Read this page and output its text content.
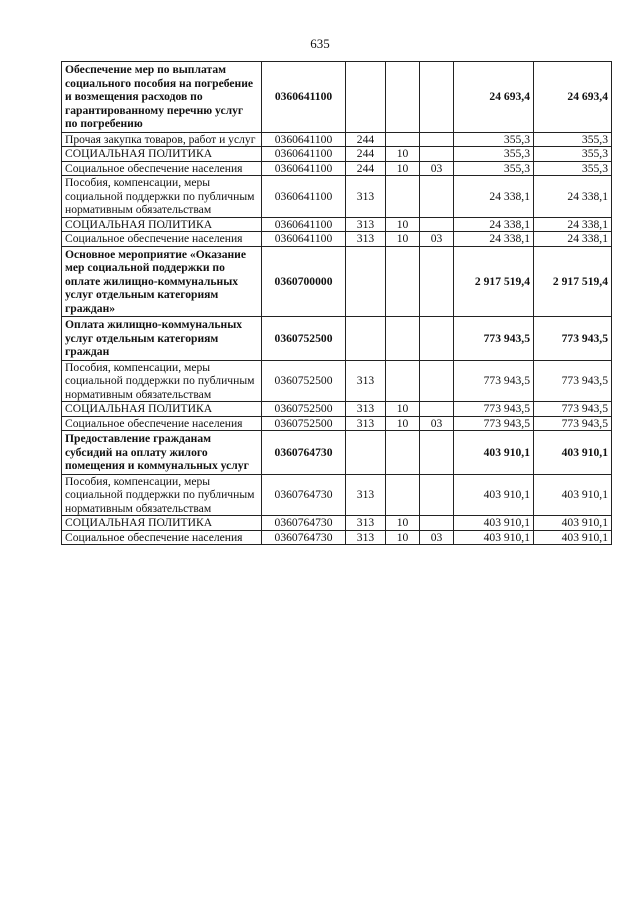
635
Обеспечение мер по выплатам социального пособия на погребение и возмещения расходов по гарантированному перечню услуг по погребению	0360641100				24 693,4	24 693,4
Прочая закупка товаров, работ и услуг	0360641100	244			355,3	355,3
СОЦИАЛЬНАЯ ПОЛИТИКА	0360641100	244	10		355,3	355,3
Социальное обеспечение населения	0360641100	244	10	03	355,3	355,3
Пособия, компенсации, меры социальной поддержки по публичным нормативным обязательствам	0360641100	313			24 338,1	24 338,1
СОЦИАЛЬНАЯ ПОЛИТИКА	0360641100	313	10		24 338,1	24 338,1
Социальное обеспечение населения	0360641100	313	10	03	24 338,1	24 338,1
Основное мероприятие «Оказание мер социальной поддержки по оплате жилищно-коммунальных услуг отдельным категориям граждан»	0360700000				2 917 519,4	2 917 519,4
Оплата жилищно-коммунальных услуг отдельным категориям граждан	0360752500				773 943,5	773 943,5
Пособия, компенсации, меры социальной поддержки по публичным нормативным обязательствам	0360752500	313			773 943,5	773 943,5
СОЦИАЛЬНАЯ ПОЛИТИКА	0360752500	313	10		773 943,5	773 943,5
Социальное обеспечение населения	0360752500	313	10	03	773 943,5	773 943,5
Предоставление гражданам субсидий на оплату жилого помещения и коммунальных услуг	0360764730				403 910,1	403 910,1
Пособия, компенсации, меры социальной поддержки по публичным нормативным обязательствам	0360764730	313			403 910,1	403 910,1
СОЦИАЛЬНАЯ ПОЛИТИКА	0360764730	313	10		403 910,1	403 910,1
Социальное обеспечение населения	0360764730	313	10	03	403 910,1	403 910,1
